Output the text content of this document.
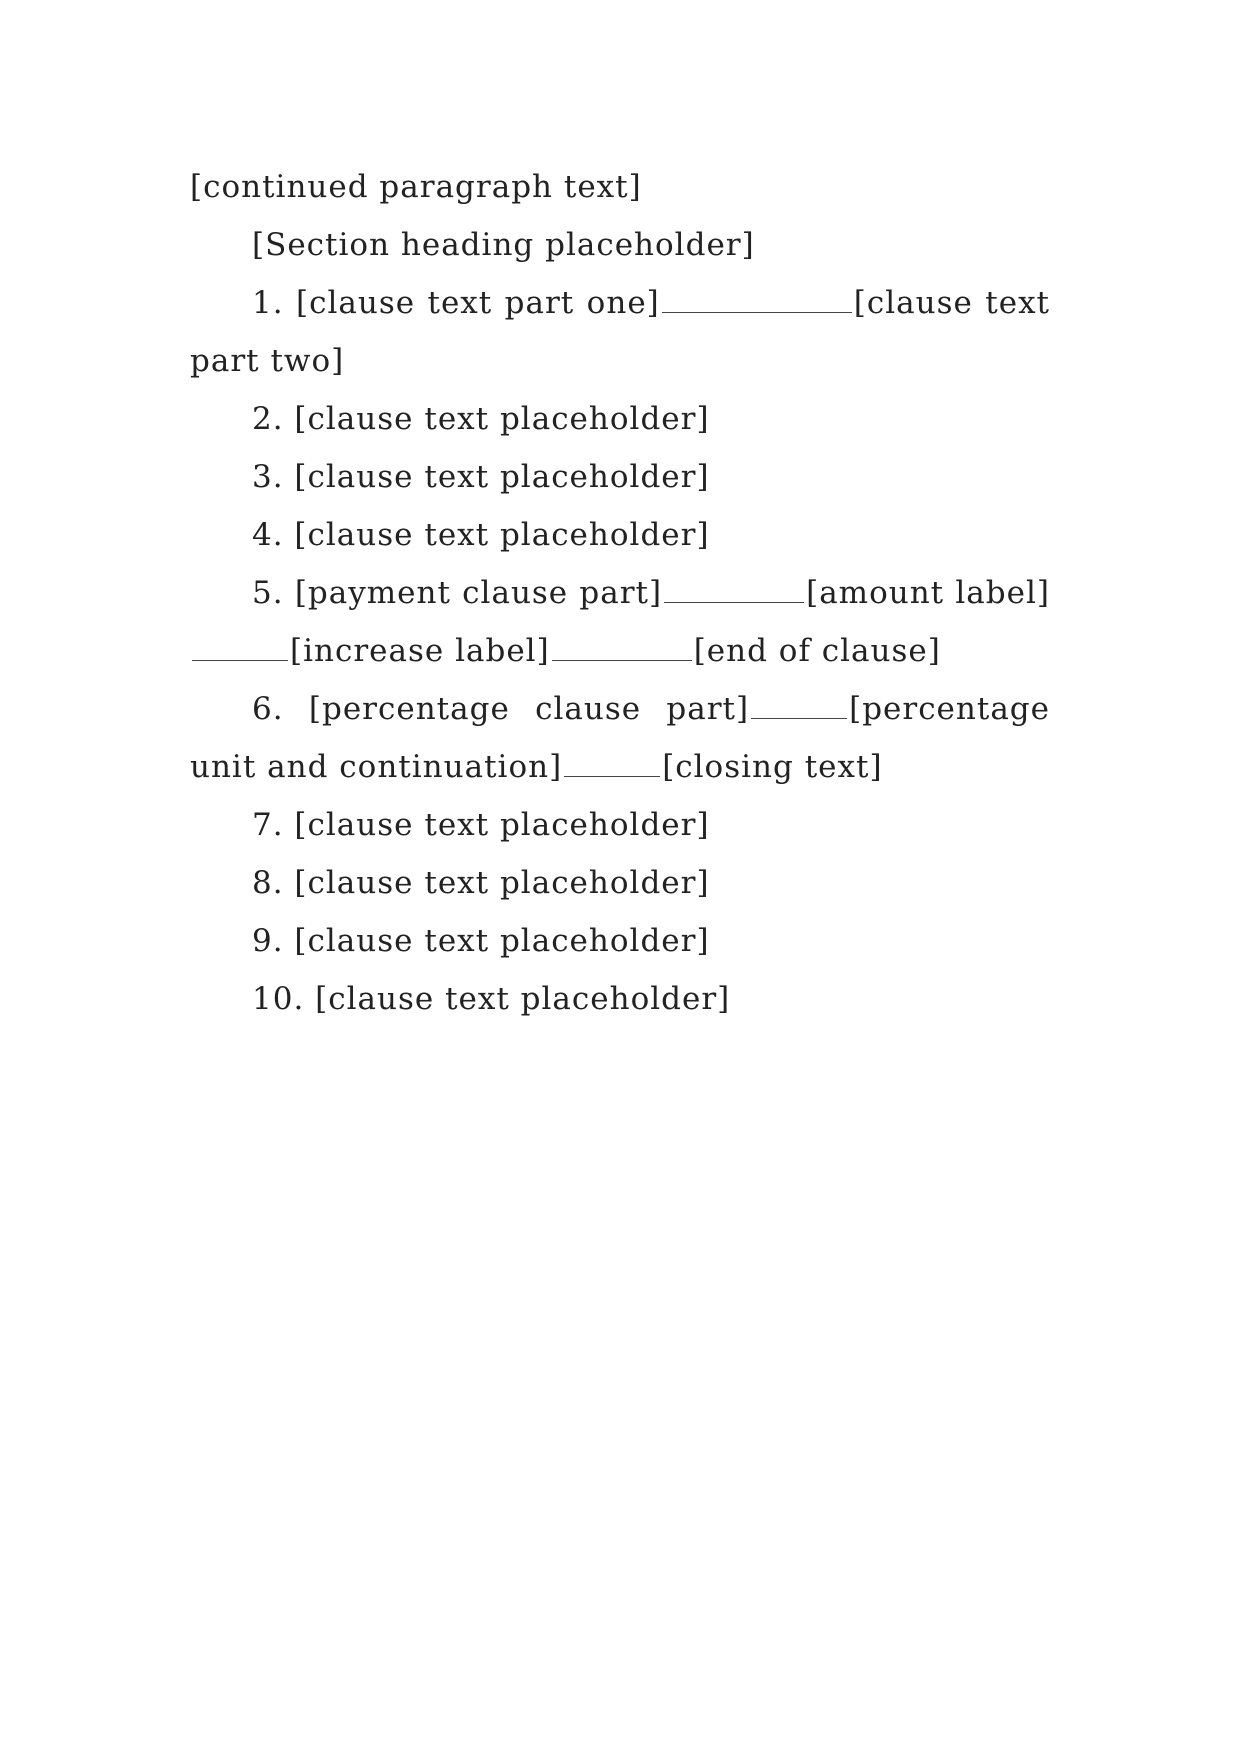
[continued paragraph text]

[Section heading placeholder]

1. [clause text part one]	[clause text part two]

2. [clause text placeholder]

3. [clause text placeholder]

4. [clause text placeholder]

5. [payment clause part]	[amount label][increase label]	[end of clause]

6. [percentage clause part]	[percentage unit and continuation]	[closing text]

7. [clause text placeholder]

8. [clause text placeholder]

9. [clause text placeholder]

10. [clause text placeholder]
